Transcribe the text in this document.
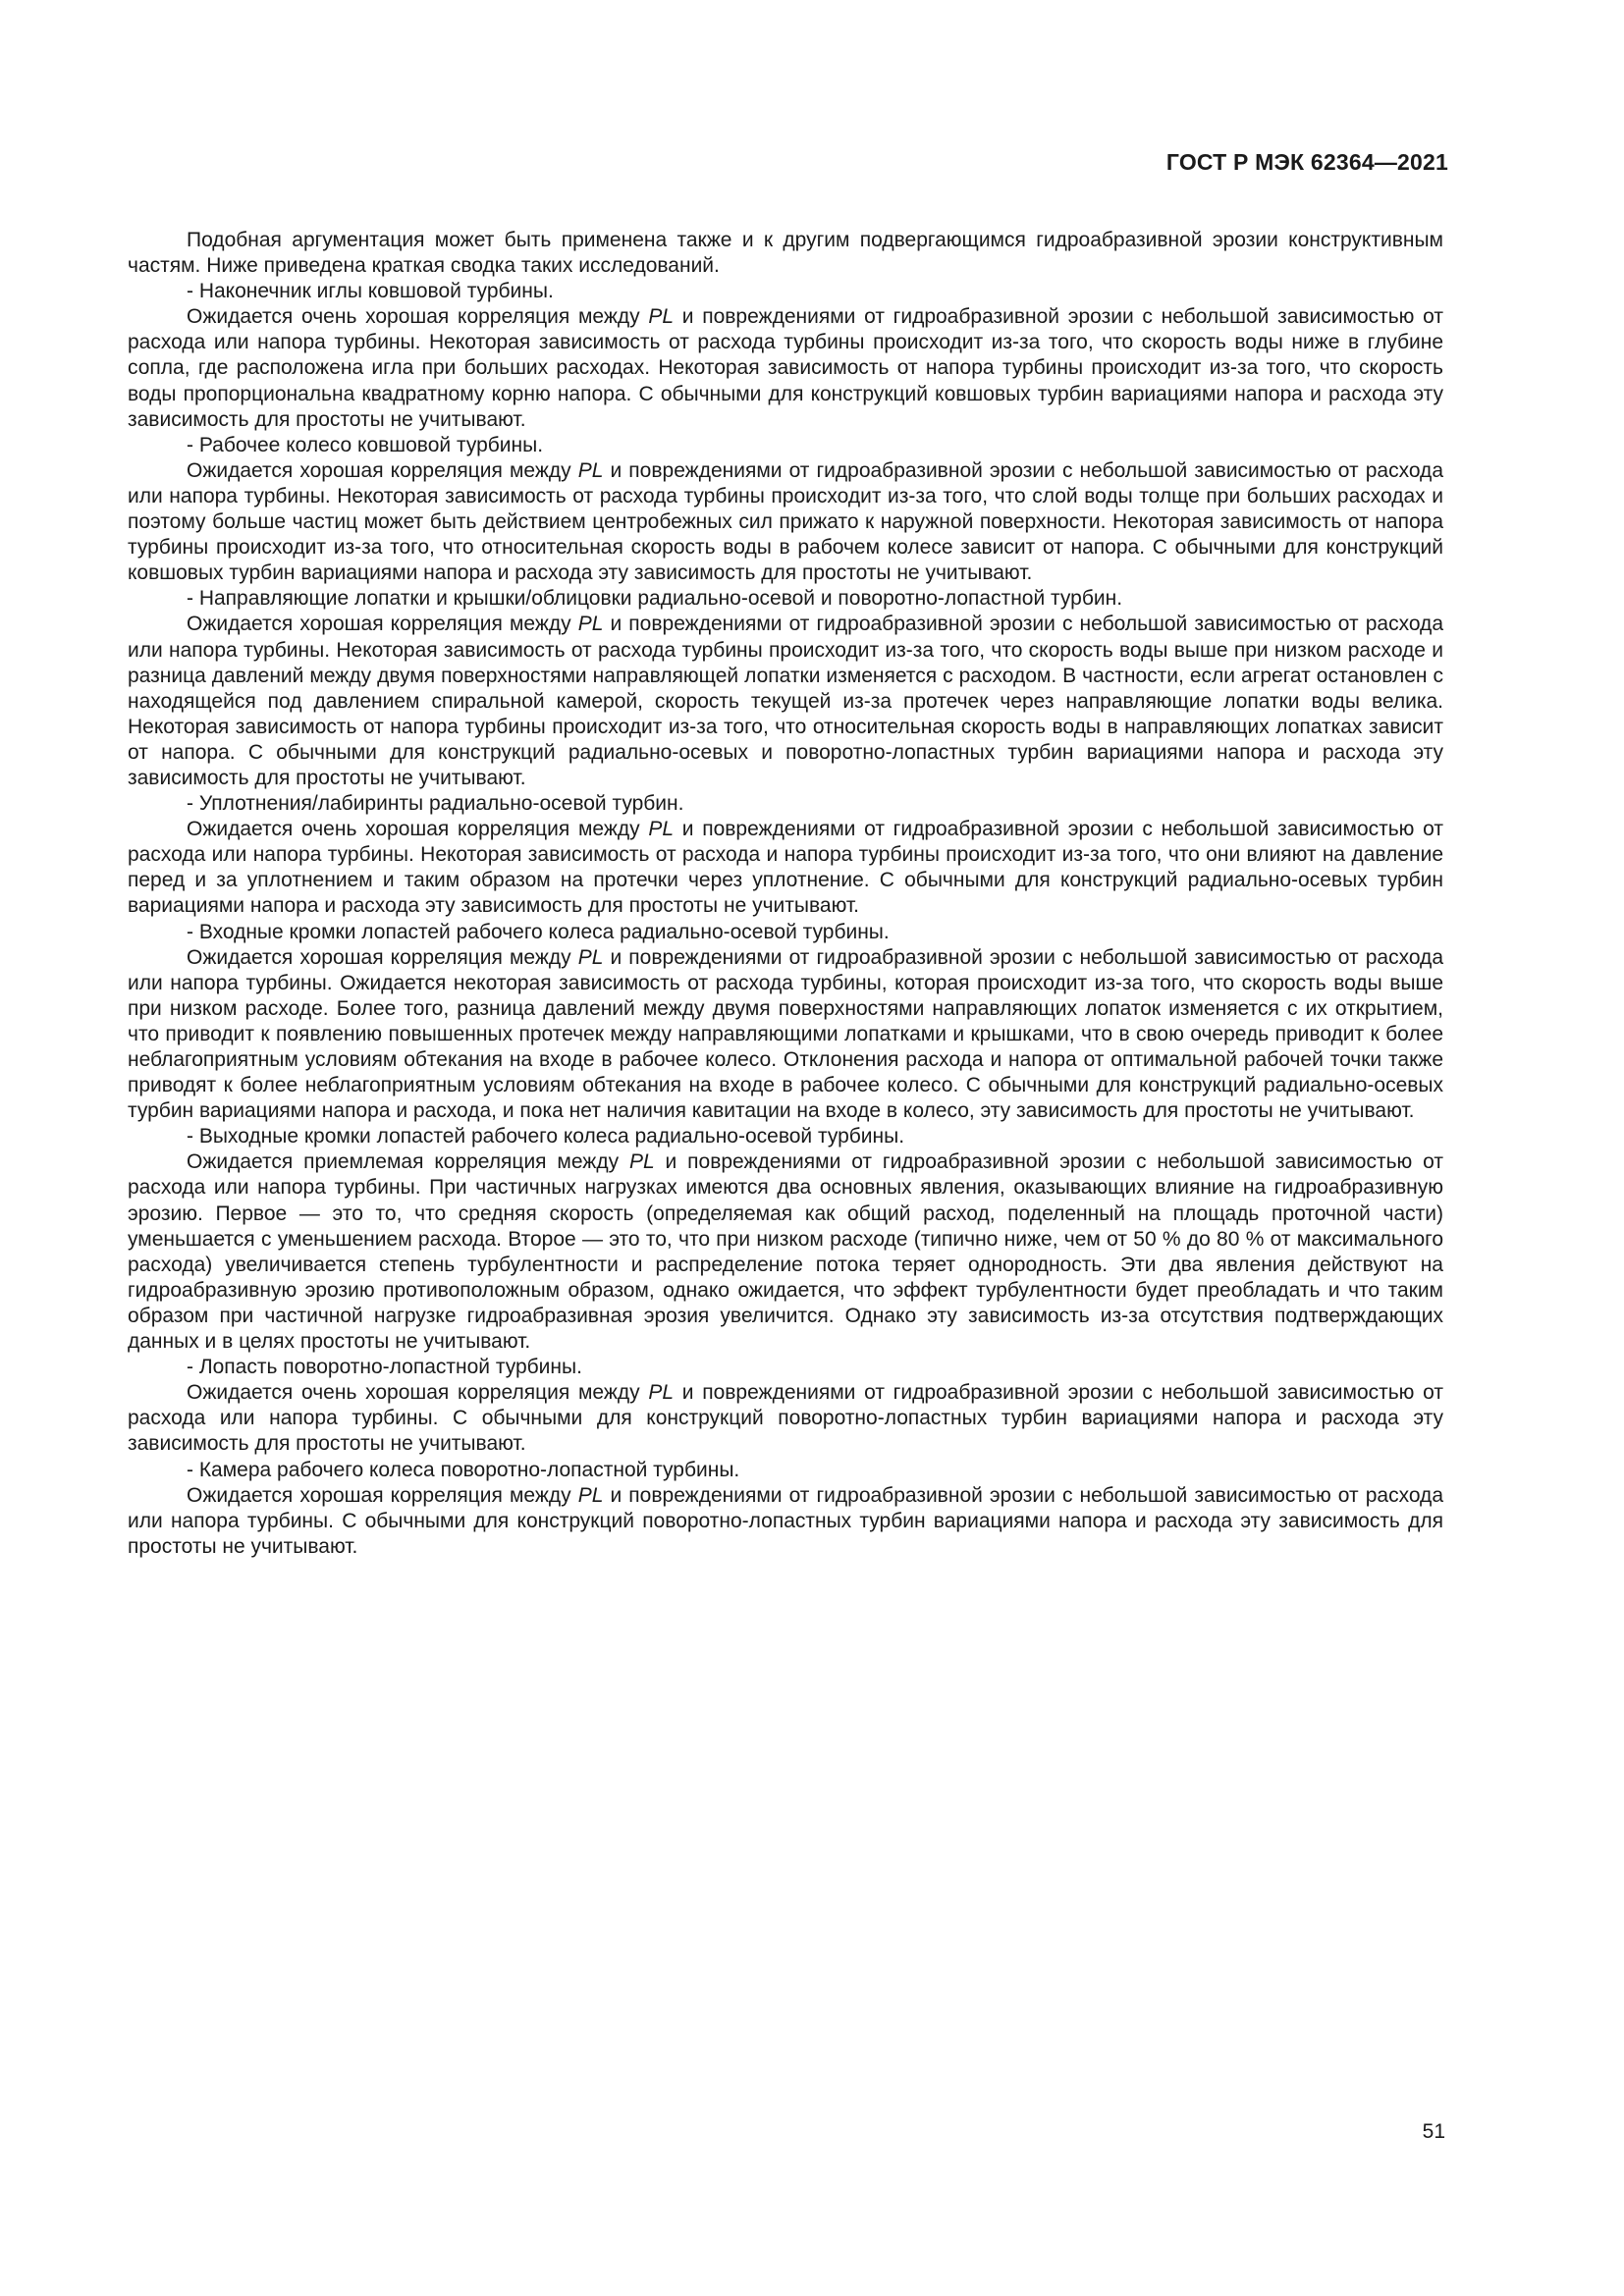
ГОСТ Р МЭК 62364—2021

Подобная аргументация может быть применена также и к другим подвергающимся гидроабразивной эрозии конструктивным частям. Ниже приведена краткая сводка таких исследований.

- Наконечник иглы ковшовой турбины.

Ожидается очень хорошая корреляция между PL и повреждениями от гидроабразивной эрозии с небольшой зависимостью от расхода или напора турбины. Некоторая зависимость от расхода турбины происходит из-за того, что скорость воды ниже в глубине сопла, где расположена игла при больших расходах. Некоторая зависимость от напора турбины происходит из-за того, что скорость воды пропорциональна квадратному корню напора. С обычными для конструкций ковшовых турбин вариациями напора и расхода эту зависимость для простоты не учитывают.

- Рабочее колесо ковшовой турбины.

Ожидается хорошая корреляция между PL и повреждениями от гидроабразивной эрозии с небольшой зависимостью от расхода или напора турбины. Некоторая зависимость от расхода турбины происходит из-за того, что слой воды толще при больших расходах и поэтому больше частиц может быть действием центробежных сил прижато к наружной поверхности. Некоторая зависимость от напора турбины происходит из-за того, что относительная скорость воды в рабочем колесе зависит от напора. С обычными для конструкций ковшовых турбин вариациями напора и расхода эту зависимость для простоты не учитывают.

- Направляющие лопатки и крышки/облицовки радиально-осевой и поворотно-лопастной турбин.

Ожидается хорошая корреляция между PL и повреждениями от гидроабразивной эрозии с небольшой зависимостью от расхода или напора турбины. Некоторая зависимость от расхода турбины происходит из-за того, что скорость воды выше при низком расходе и разница давлений между двумя поверхностями направляющей лопатки изменяется с расходом. В частности, если агрегат остановлен с находящейся под давлением спиральной камерой, скорость текущей из-за протечек через направляющие лопатки воды велика. Некоторая зависимость от напора турбины происходит из-за того, что относительная скорость воды в направляющих лопатках зависит от напора. С обычными для конструкций радиально-осевых и поворотно-лопастных турбин вариациями напора и расхода эту зависимость для простоты не учитывают.

- Уплотнения/лабиринты радиально-осевой турбин.

Ожидается очень хорошая корреляция между PL и повреждениями от гидроабразивной эрозии с небольшой зависимостью от расхода или напора турбины. Некоторая зависимость от расхода и напора турбины происходит из-за того, что они влияют на давление перед и за уплотнением и таким образом на протечки через уплотнение. С обычными для конструкций радиально-осевых турбин вариациями напора и расхода эту зависимость для простоты не учитывают.

- Входные кромки лопастей рабочего колеса радиально-осевой турбины.

Ожидается хорошая корреляция между PL и повреждениями от гидроабразивной эрозии с небольшой зависимостью от расхода или напора турбины. Ожидается некоторая зависимость от расхода турбины, которая происходит из-за того, что скорость воды выше при низком расходе. Более того, разница давлений между двумя поверхностями направляющих лопаток изменяется с их открытием, что приводит к появлению повышенных протечек между направляющими лопатками и крышками, что в свою очередь приводит к более неблагоприятным условиям обтекания на входе в рабочее колесо. Отклонения расхода и напора от оптимальной рабочей точки также приводят к более неблагоприятным условиям обтекания на входе в рабочее колесо. С обычными для конструкций радиально-осевых турбин вариациями напора и расхода, и пока нет наличия кавитации на входе в колесо, эту зависимость для простоты не учитывают.

- Выходные кромки лопастей рабочего колеса радиально-осевой турбины.

Ожидается приемлемая корреляция между PL и повреждениями от гидроабразивной эрозии с небольшой зависимостью от расхода или напора турбины. При частичных нагрузках имеются два основных явления, оказывающих влияние на гидроабразивную эрозию. Первое — это то, что средняя скорость (определяемая как общий расход, поделенный на площадь проточной части) уменьшается с уменьшением расхода. Второе — это то, что при низком расходе (типично ниже, чем от 50 % до 80 % от максимального расхода) увеличивается степень турбулентности и распределение потока теряет однородность. Эти два явления действуют на гидроабразивную эрозию противоположным образом, однако ожидается, что эффект турбулентности будет преобладать и что таким образом при частичной нагрузке гидроабразивная эрозия увеличится. Однако эту зависимость из-за отсутствия подтверждающих данных и в целях простоты не учитывают.

- Лопасть поворотно-лопастной турбины.

Ожидается очень хорошая корреляция между PL и повреждениями от гидроабразивной эрозии с небольшой зависимостью от расхода или напора турбины. С обычными для конструкций поворотно-лопастных турбин вариациями напора и расхода эту зависимость для простоты не учитывают.

- Камера рабочего колеса поворотно-лопастной турбины.

Ожидается хорошая корреляция между PL и повреждениями от гидроабразивной эрозии с небольшой зависимостью от расхода или напора турбины. С обычными для конструкций поворотно-лопастных турбин вариациями напора и расхода эту зависимость для простоты не учитывают.

51
